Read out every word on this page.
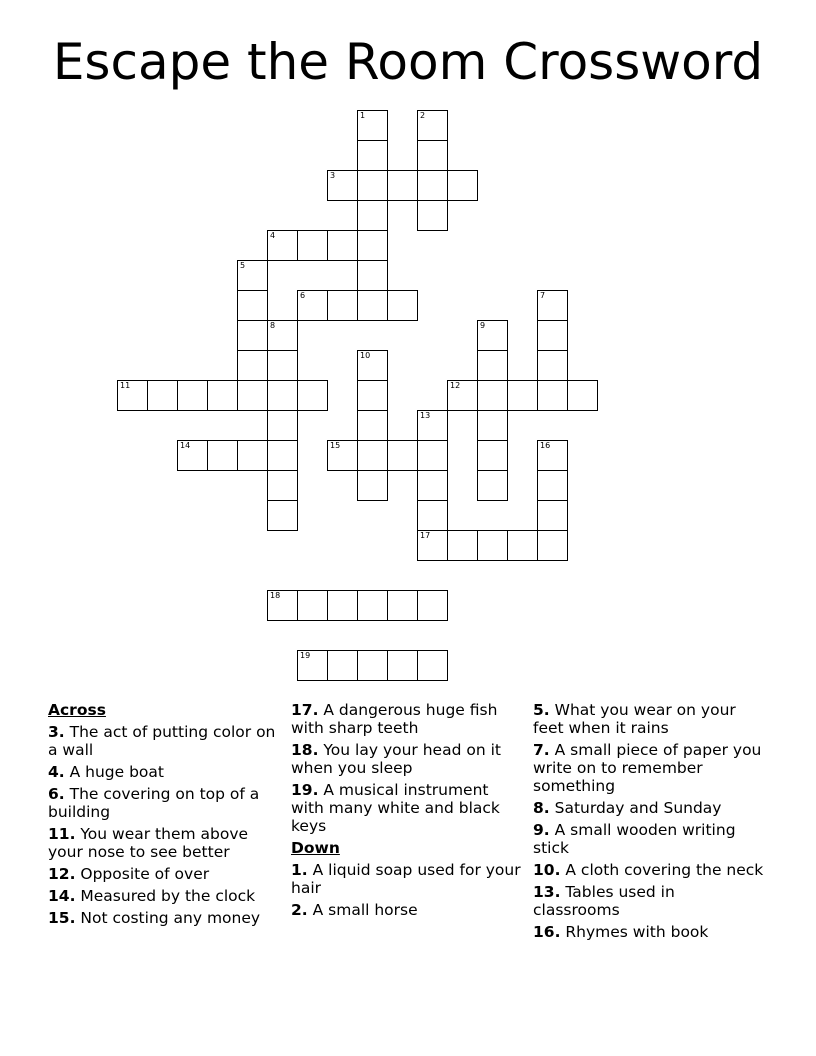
Escape the Room Crossword
1	2
3
4
5
6	7
8	9
10
11	12
13
17
14	15	16
18
19
Across
3. The act of putting color on a wall
4. A huge boat
6. The covering on top of a building
11. You wear them above your nose to see better
12. Opposite of over
14. Measured by the clock
15. Not costing any money
17. A dangerous huge fish with sharp teeth
18. You lay your head on it when you sleep
19. A musical instrument with many white and black keys
Down
1. A liquid soap used for your hair
2. A small horse
5. What you wear on your feet when it rains
7. A small piece of paper you write on to remember something
8. Saturday and Sunday
9. A small wooden writing stick
10. A cloth covering the neck
13. Tables used in classrooms
16. Rhymes with book
